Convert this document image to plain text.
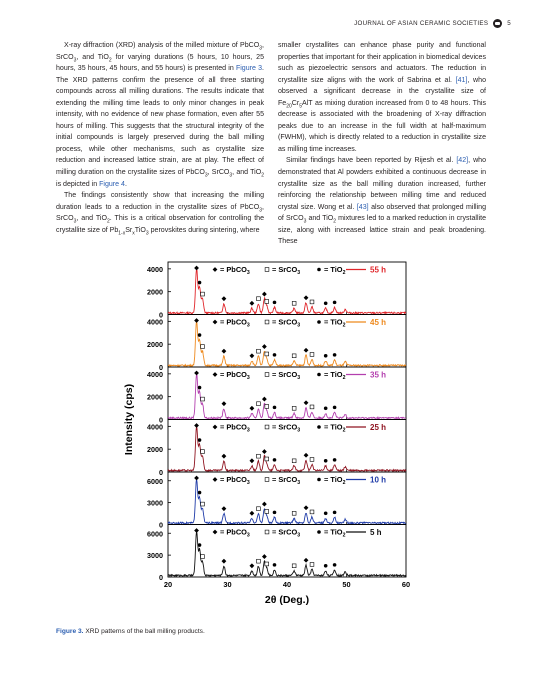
JOURNAL OF ASIAN CERAMIC SOCIETIES	5

X-ray diffraction (XRD) analysis of the milled mixture of PbCO$_3$, SrCO$_3$, and TiO$_2$ for varying durations (5 hours, 10 hours, 25 hours, 35 hours, 45 hours, and 55 hours) is presented in Figure 3. The XRD patterns confirm the presence of all three starting compounds across all milling durations. The results indicate that extending the milling time leads to only minor changes in peak intensity, with no evidence of new phase formation, even after 55 hours of milling. This suggests that the structural integrity of the initial compounds is largely preserved during the ball milling process, while other mechanisms, such as crystallite size reduction and increased lattice strain, are at play. The effect of milling duration on the crystallite sizes of PbCO$_3$, SrCO$_3$, and TiO$_2$ is depicted in Figure 4.

The findings consistently show that increasing the milling duration leads to a reduction in the crystallite sizes of PbCO$_3$, SrCO$_3$, and TiO$_2$. This is a critical observation for controlling the crystallite size of $Pb_{1-x}Sr_xTiO_3$ perovskites during sintering, where

smaller crystallites can enhance phase purity and functional properties that important for their application in biomedical devices such as piezoelectric sensors and actuators. The reduction in crystallite size aligns with the work of Sabrina et al. [41], who observed a significant decrease in the crystallite size of $Fe_{20}Cr_5AlT$ as mixing duration increased from 0 to 48 hours. This decrease is associated with the broadening of X-ray diffraction peaks due to an increase in the full width at half-maximum (FWHM), which is directly related to a reduction in crystallite size as milling time increases.

Similar findings have been reported by Rijesh et al. [42], who demonstrated that Al powders exhibited a continuous decrease in crystallite size as the ball milling duration increased, further reinforcing the relationship between milling time and reduced crystal size. Wong et al. [43] also observed that prolonged milling of SrCO$_3$ and TiO$_2$ mixtures led to a marked reduction in crystallite size, along with increased lattice strain and peak broadening. These

0
2000
4000	= PbCO$_3$	= SrCO$_3$	= TiO$_2$	55 h
0
2000
4000	= PbCO$_3$	= SrCO$_3$	= TiO$_2$	45 h
0
2000
4000	= PbCO$_3$	= SrCO$_3$	= TiO$_2$	35 h
0
2000
4000	= PbCO$_3$	= SrCO$_3$	= TiO$_2$	25 h
0
3000
6000	= PbCO$_3$	= SrCO$_3$	= TiO$_2$	10 h
0
3000
6000	= PbCO$_3$	= SrCO$_3$	= TiO$_2$	5 h
20	30	40	50	60
2θ (Deg.)
Intensity (cps)
Figure 3. XRD patterns of the ball milling products.
